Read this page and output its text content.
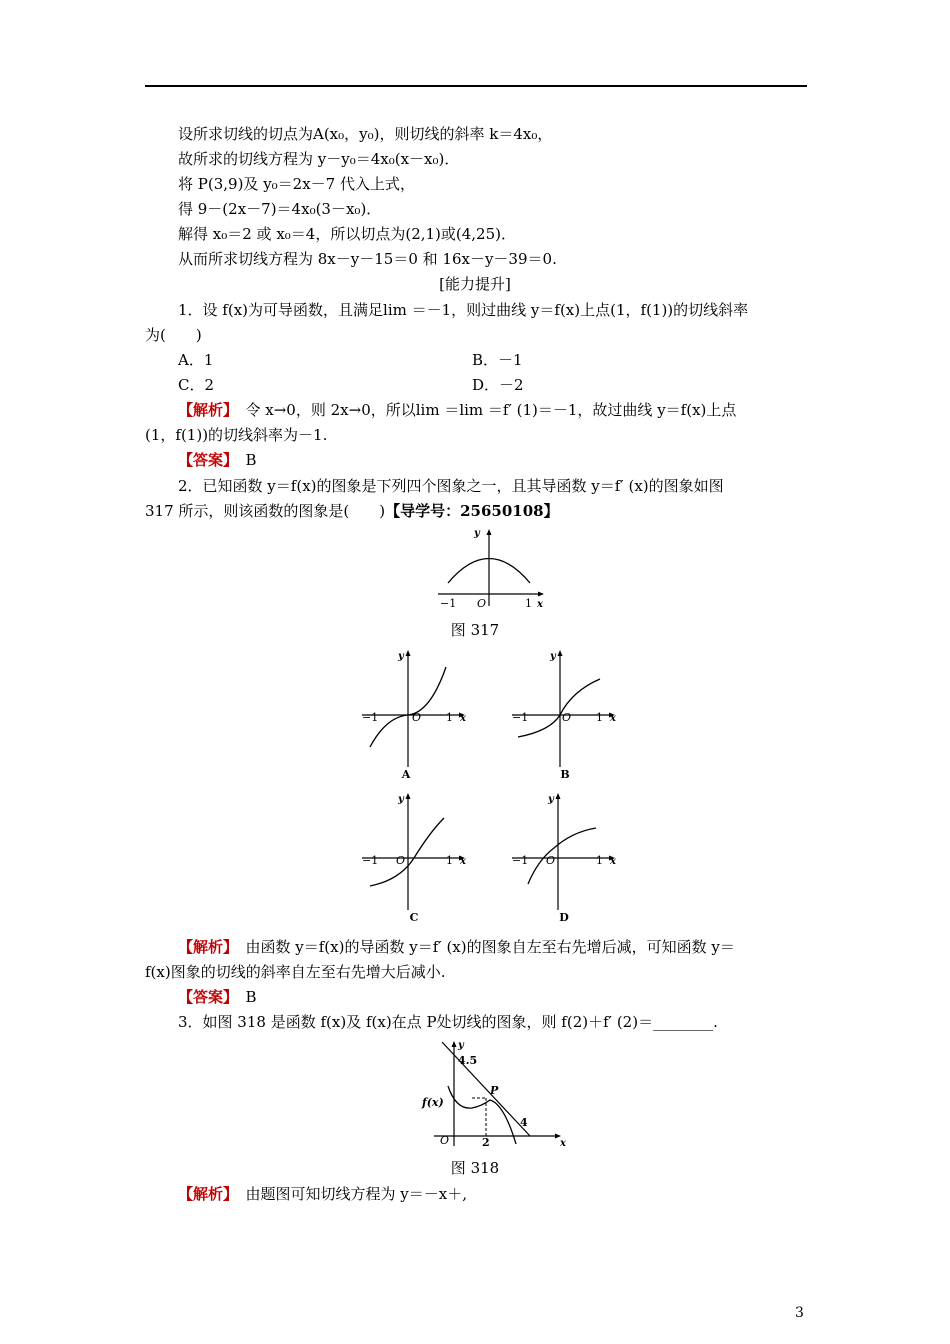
设所求切线的切点为A(x₀，y₀)，则切线的斜率 k＝4x₀，
故所求的切线方程为 y－y₀＝4x₀(x－x₀)．
将 P(3,9)及 y₀＝2x－7 代入上式，
得 9－(2x－7)＝4x₀(3－x₀)．
解得 x₀＝2 或 x₀＝4，所以切点为(2,1)或(4,25)．
从而所求切线方程为 8x－y－15＝0 和 16x－y－39＝0.
[能力提升]
1．设 f(x)为可导函数，且满足lim ＝－1，则过曲线 y＝f(x)上点(1，f(1))的切线斜率
为(　　)
A．1	B．－1
C．2	D．－2
【解析】　令 x→0，则 2x→0，所以lim ＝lim ＝f′ (1)＝－1，故过曲线 y＝f(x)上点
(1，f(1))的切线斜率为－1.
【答案】　B
2．已知函数 y＝f(x)的图象是下列四个图象之一，且其导函数 y＝f′ (x)的图象如图
317 所示，则该函数的图象是(　　)【导学号：25650108】
y
−1 O	1 x
图 317
y
−1	O 1 x
A
y
−1	O 1 x
B
y
−1 O	1 x
C
y
−1 O	1 x
D
【解析】　由函数 y＝f(x)的导函数 y＝f′ (x)的图象自左至右先增后减，可知函数 y＝
f(x)图象的切线的斜率自左至右先增大后减小.
【答案】　B
3．如图 318 是函数 f(x)及 f(x)在点 P处切线的图象，则 f(2)＋f′ (2)＝________.
4.5
f(x)
P
4
O	2	x
y
图 318
【解析】　由题图可知切线方程为 y＝－x＋,
3
